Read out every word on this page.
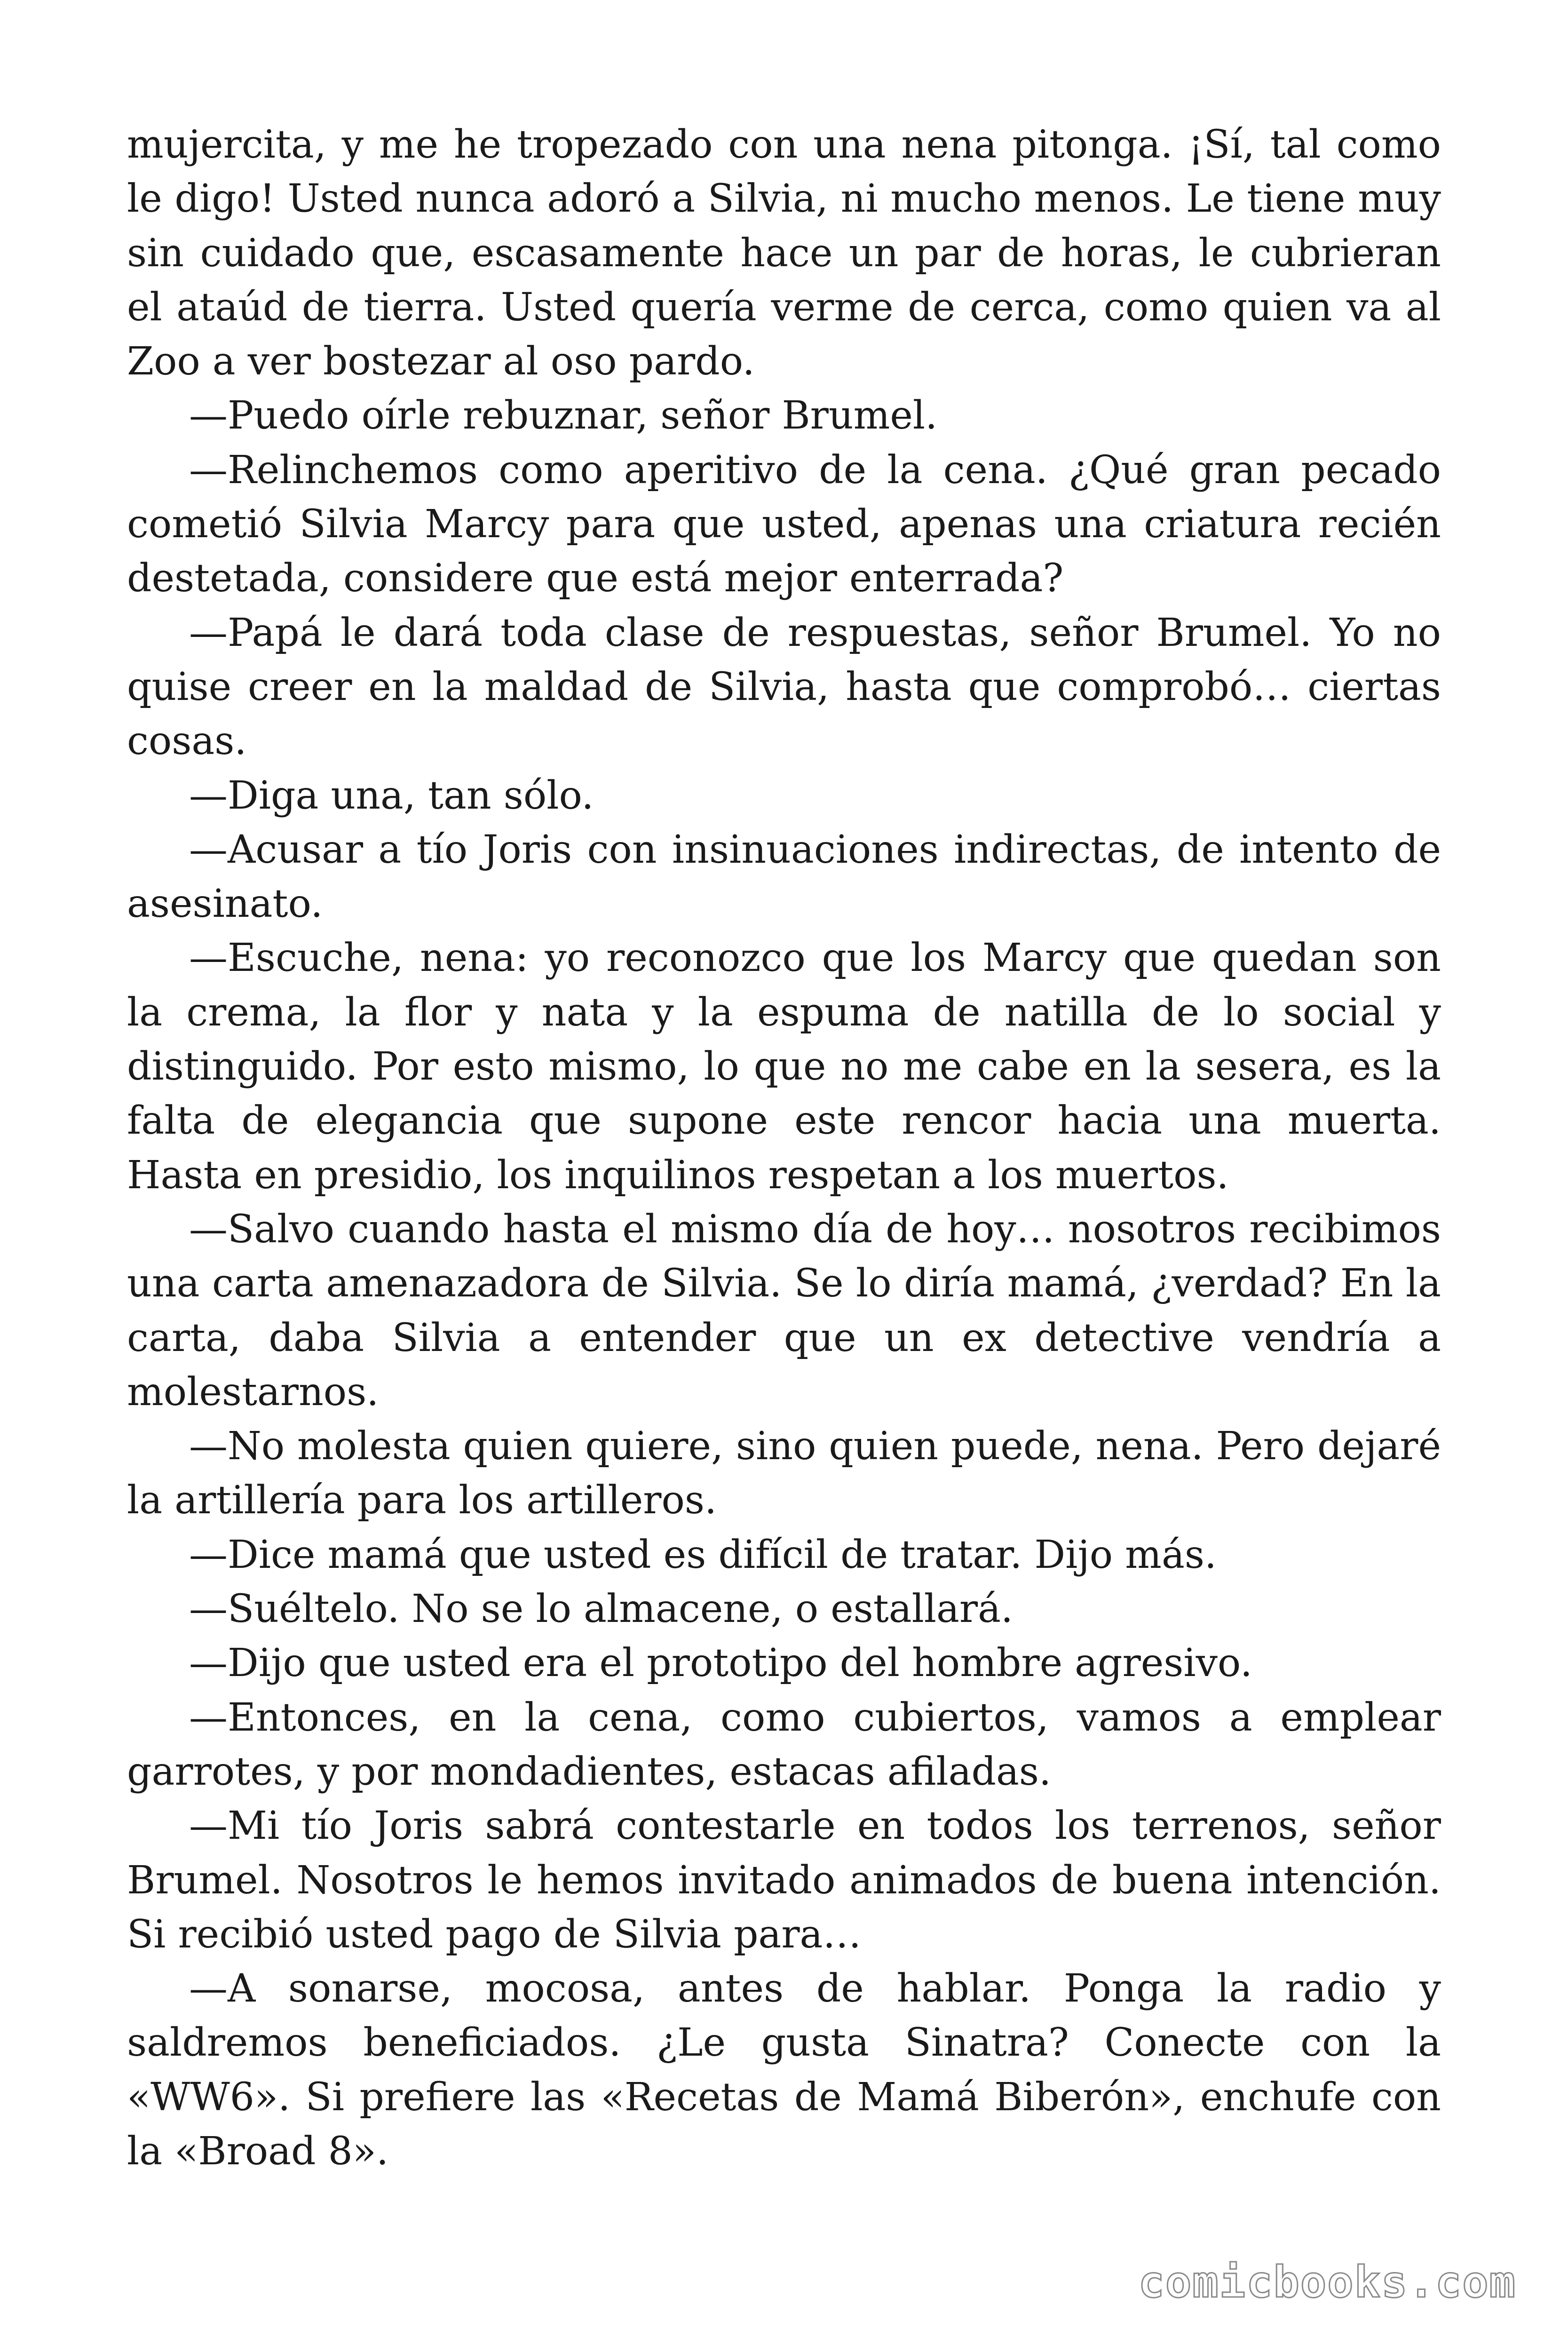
mujercita, y me he tropezado con una nena pitonga. ¡Sí, tal como le digo! Usted nunca adoró a Silvia, ni mucho menos. Le tiene muy sin cuidado que, escasamente hace un par de horas, le cubrieran el ataúd de tierra. Usted quería verme de cerca, como quien va al Zoo a ver bostezar al oso pardo.

—Puedo oírle rebuznar, señor Brumel.

—Relinchemos como aperitivo de la cena. ¿Qué gran pecado cometió Silvia Marcy para que usted, apenas una criatura recién destetada, considere que está mejor enterrada?

—Papá le dará toda clase de respuestas, señor Brumel. Yo no quise creer en la maldad de Silvia, hasta que comprobó… ciertas cosas.

—Diga una, tan sólo.

—Acusar a tío Joris con insinuaciones indirectas, de intento de asesinato.

—Escuche, nena: yo reconozco que los Marcy que quedan son la crema, la flor y nata y la espuma de natilla de lo social y distinguido. Por esto mismo, lo que no me cabe en la sesera, es la falta de elegancia que supone este rencor hacia una muerta. Hasta en presidio, los inquilinos respetan a los muertos.

—Salvo cuando hasta el mismo día de hoy… nosotros recibimos una carta amenazadora de Silvia. Se lo diría mamá, ¿verdad? En la carta, daba Silvia a entender que un ex detective vendría a molestarnos.

—No molesta quien quiere, sino quien puede, nena. Pero dejaré la artillería para los artilleros.

—Dice mamá que usted es difícil de tratar. Dijo más.

—Suéltelo. No se lo almacene, o estallará.

—Dijo que usted era el prototipo del hombre agresivo.

—Entonces, en la cena, como cubiertos, vamos a emplear garrotes, y por mondadientes, estacas afiladas.

—Mi tío Joris sabrá contestarle en todos los terrenos, señor Brumel. Nosotros le hemos invitado animados de buena intención. Si recibió usted pago de Silvia para…

—A sonarse, mocosa, antes de hablar. Ponga la radio y saldremos beneficiados. ¿Le gusta Sinatra? Conecte con la «WW6». Si prefiere las «Recetas de Mamá Biberón», enchufe con la «Broad 8».

comicbooks.com
